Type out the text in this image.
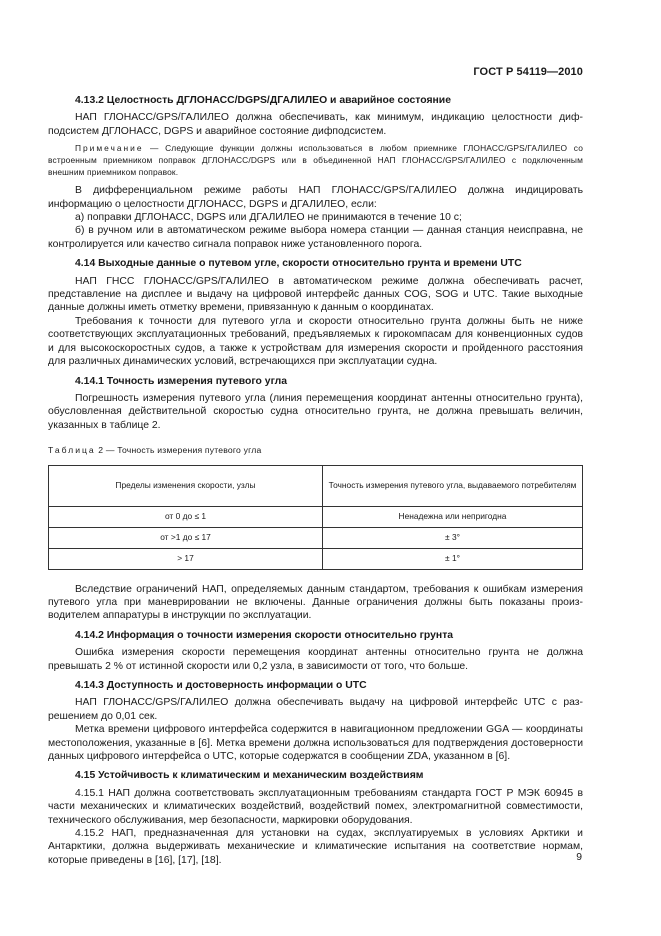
ГОСТ Р 54119—2010
4.13.2 Целостность ДГЛОНАСС/DGPS/ДГАЛИЛЕО и аварийное состояние

НАП ГЛОНАСС/GPS/ГАЛИЛЕО должна обеспечивать, как минимум, индикацию целостности дифподсистем ДГЛОНАСС, DGPS и аварийное состояние дифподсистем.

Примечание — Следующие функции должны использоваться в любом приемнике ГЛОНАСС/GPS/ГАЛИЛЕО со встроенным приемником поправок ДГЛОНАСС/DGPS или в объединенной НАП ГЛОНАСС/GPS/ГАЛИЛЕО с подключенным внешним приемником поправок.

В дифференциальном режиме работы НАП ГЛОНАСС/GPS/ГАЛИЛЕО должна индицировать информацию о целостности ДГЛОНАСС, DGPS и ДГАЛИЛЕО, если:

а) поправки ДГЛОНАСС, DGPS или ДГАЛИЛЕО не принимаются в течение 10 с;

б) в ручном или в автоматическом режиме выбора номера станции — данная станция неисправна, не контролируется или качество сигнала поправок ниже установленного порога.

4.14 Выходные данные о путевом угле, скорости относительно грунта и времени UTC

НАП ГНСС ГЛОНАСС/GPS/ГАЛИЛЕО в автоматическом режиме должна обеспечивать расчет, представление на дисплее и выдачу на цифровой интерфейс данных COG, SOG и UTC. Такие выходные данные должны иметь отметку времени, привязанную к данным о координатах.

Требования к точности для путевого угла и скорости относительно грунта должны быть не ниже соответствующих эксплуатационных требований, предъявляемых к гирокомпасам для конвенционных судов и для высокоскоростных судов, а также к устройствам для измерения скорости и пройденного расстояния для различных динамических условий, встречающихся при эксплуатации судна.

4.14.1 Точность измерения путевого угла

Погрешность измерения путевого угла (линия перемещения координат антенны относительно грунта), обусловленная действительной скоростью судна относительно грунта, не должна превышать величин, указанных в таблице 2.

Таблица 2 — Точность измерения путевого угла
Пределы изменения скорости, узлы	Точность измерения путевого угла, выдаваемого потребителям
от 0 до ≤ 1	Ненадежна или непригодна
от >1 до ≤ 17	± 3°
> 17	± 1°

Вследствие ограничений НАП, определяемых данным стандартом, требования к ошибкам измерения путевого угла при маневрировании не включены. Данные ограничения должны быть показаны производителем аппаратуры в инструкции по эксплуатации.

4.14.2 Информация о точности измерения скорости относительно грунта

Ошибка измерения скорости перемещения координат антенны относительно грунта не должна превышать 2 % от истинной скорости или 0,2 узла, в зависимости от того, что больше.

4.14.3 Доступность и достоверность информации о UTC

НАП ГЛОНАСС/GPS/ГАЛИЛЕО должна обеспечивать выдачу на цифровой интерфейс UTC с разрешением до 0,01 сек.

Метка времени цифрового интерфейса содержится в навигационном предложении GGA — координаты местоположения, указанные в [6]. Метка времени должна использоваться для подтверждения достоверности данных цифрового интерфейса о UTC, которые содержатся в сообщении ZDA, указанном в [6].

4.15 Устойчивость к климатическим и механическим воздействиям

4.15.1 НАП должна соответствовать эксплуатационным требованиям стандарта ГОСТ Р МЭК 60945 в части механических и климатических воздействий, воздействий помех, электромагнитной совместимости, технического обслуживания, мер безопасности, маркировки оборудования.

4.15.2 НАП, предназначенная для установки на судах, эксплуатируемых в условиях Арктики и Антарктики, должна выдерживать механические и климатические испытания на соответствие нормам, которые приведены в [16], [17], [18].	9
